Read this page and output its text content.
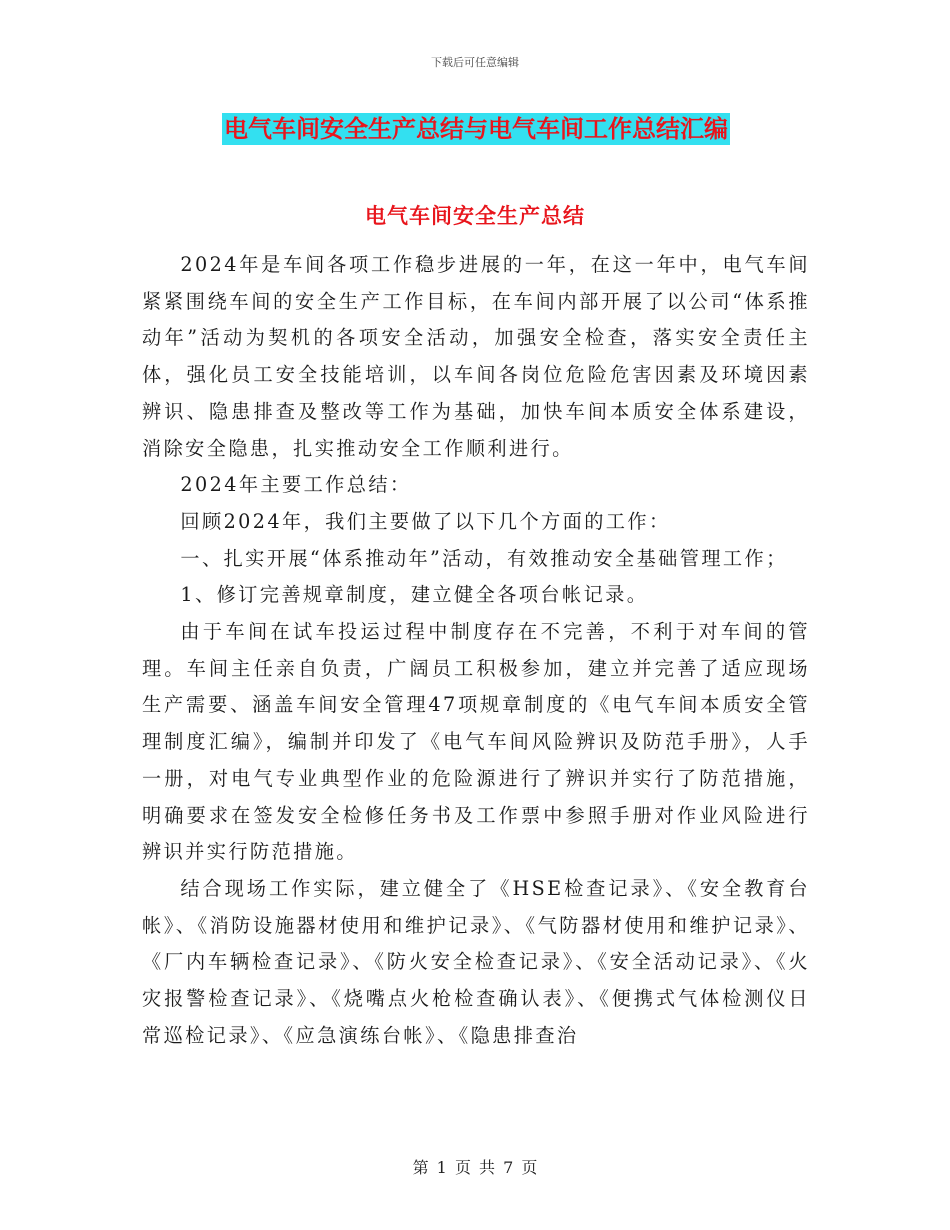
下载后可任意编辑
电气车间安全生产总结与电气车间工作总结汇编
电气车间安全生产总结

2024年是车间各项工作稳步进展的一年，在这一年中，电气车间紧紧围绕车间的安全生产工作目标，在车间内部开展了以公司“体系推动年”活动为契机的各项安全活动，加强安全检查，落实安全责任主体，强化员工安全技能培训，以车间各岗位危险危害因素及环境因素辨识、隐患排查及整改等工作为基础，加快车间本质安全体系建设，消除安全隐患，扎实推动安全工作顺利进行。

2024年主要工作总结：

回顾2024年，我们主要做了以下几个方面的工作：

一、扎实开展“体系推动年”活动，有效推动安全基础管理工作；

1、修订完善规章制度，建立健全各项台帐记录。

由于车间在试车投运过程中制度存在不完善，不利于对车间的管理。车间主任亲自负责，广阔员工积极参加，建立并完善了适应现场生产需要、涵盖车间安全管理47项规章制度的《电气车间本质安全管理制度汇编》，编制并印发了《电气车间风险辨识及防范手册》，人手一册，对电气专业典型作业的危险源进行了辨识并实行了防范措施，明确要求在签发安全检修任务书及工作票中参照手册对作业风险进行辨识并实行防范措施。

结合现场工作实际，建立健全了《HSE检查记录》、《安全教育台帐》、《消防设施器材使用和维护记录》、《气防器材使用和维护记录》、《厂内车辆检查记录》、《防火安全检查记录》、《安全活动记录》、《火灾报警检查记录》、《烧嘴点火枪检查确认表》、《便携式气体检测仪日常巡检记录》、《应急演练台帐》、《隐患排查治

第 1 页 共 7 页
